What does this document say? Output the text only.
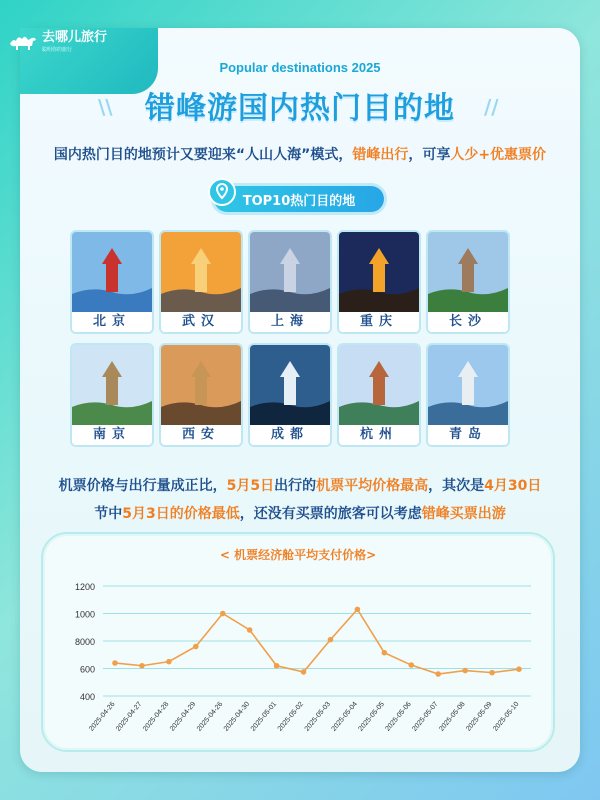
去哪儿旅行
聪明你的旅行
Popular destinations 2025
\\	错峰游国内热门目的地	//
国内热门目的地预计又要迎来“人山人海”模式，错峰出行，可享人少+优惠票价
TOP10热门目的地
北京	武汉	上海	重庆	长沙
南京	西安	成都	杭州	青岛
机票价格与出行量成正比，5月5日出行的机票平均价格最高，其次是4月30日
节中5月3日的价格最低，还没有买票的旅客可以考虑错峰买票出游
< 机票经济舱平均支付价格>
1200
1000
8000
600
400
2025-04-26
2025-04-27
2025-04-28
2025-04-29
2025-04-26
2025-04-30
2025-05-01
2025-05-02
2025-05-03
2025-05-04
2025-05-05
2025-05-06
2025-05-07
2025-05-08
2025-05-09
2025-05-10
